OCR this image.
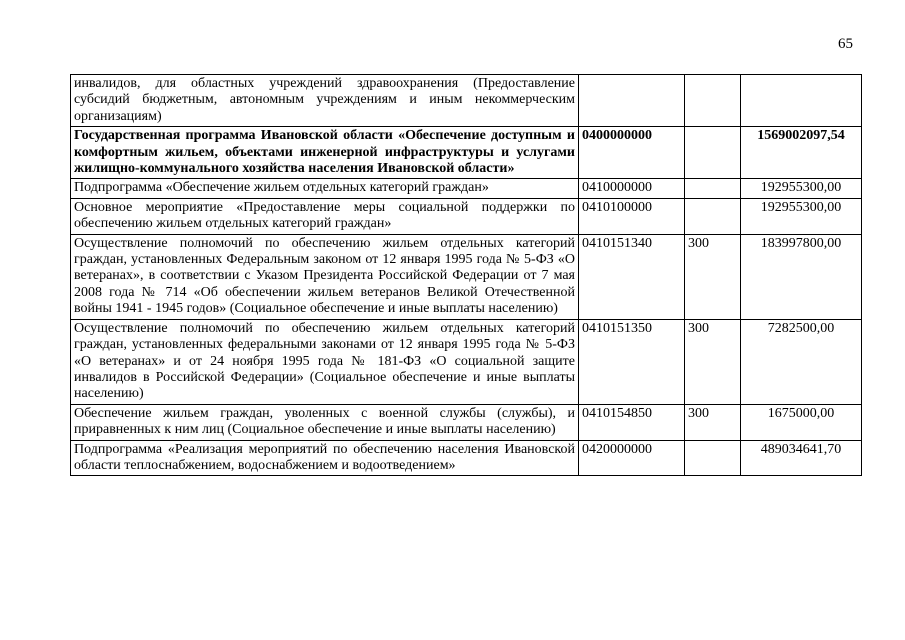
65
инвалидов, для областных учреждений здравоохранения (Предоставление субсидий бюджетным, автономным учреждениям и иным некоммерческим организациям)			
Государственная программа Ивановской области «Обеспечение доступным и комфортным жильем, объектами инженерной инфраструктуры и услугами жилищно-коммунального хозяйства населения Ивановской области»	0400000000		1569002097,54
Подпрограмма «Обеспечение жильем отдельных категорий граждан»	0410000000		192955300,00
Основное мероприятие «Предоставление меры социальной поддержки по обеспечению жильем отдельных категорий граждан»	0410100000		192955300,00
Осуществление полномочий по обеспечению жильем отдельных категорий граждан, установленных Федеральным законом от 12 января 1995 года № 5-ФЗ «О ветеранах», в соответствии с Указом Президента Российской Федерации от 7 мая 2008 года № 714 «Об обеспечении жильем ветеранов Великой Отечественной войны 1941 - 1945 годов» (Социальное обеспечение и иные выплаты населению)	0410151340	300	183997800,00
Осуществление полномочий по обеспечению жильем отдельных категорий граждан, установленных федеральными законами от 12 января 1995 года № 5-ФЗ «О ветеранах» и от 24 ноября 1995 года № 181-ФЗ «О социальной защите инвалидов в Российской Федерации» (Социальное обеспечение и иные выплаты населению)	0410151350	300	7282500,00
Обеспечение жильем граждан, уволенных с военной службы (службы), и приравненных к ним лиц (Социальное обеспечение и иные выплаты населению)	0410154850	300	1675000,00
Подпрограмма «Реализация мероприятий по обеспечению населения Ивановской области теплоснабжением, водоснабжением и водоотведением»	0420000000		489034641,70
